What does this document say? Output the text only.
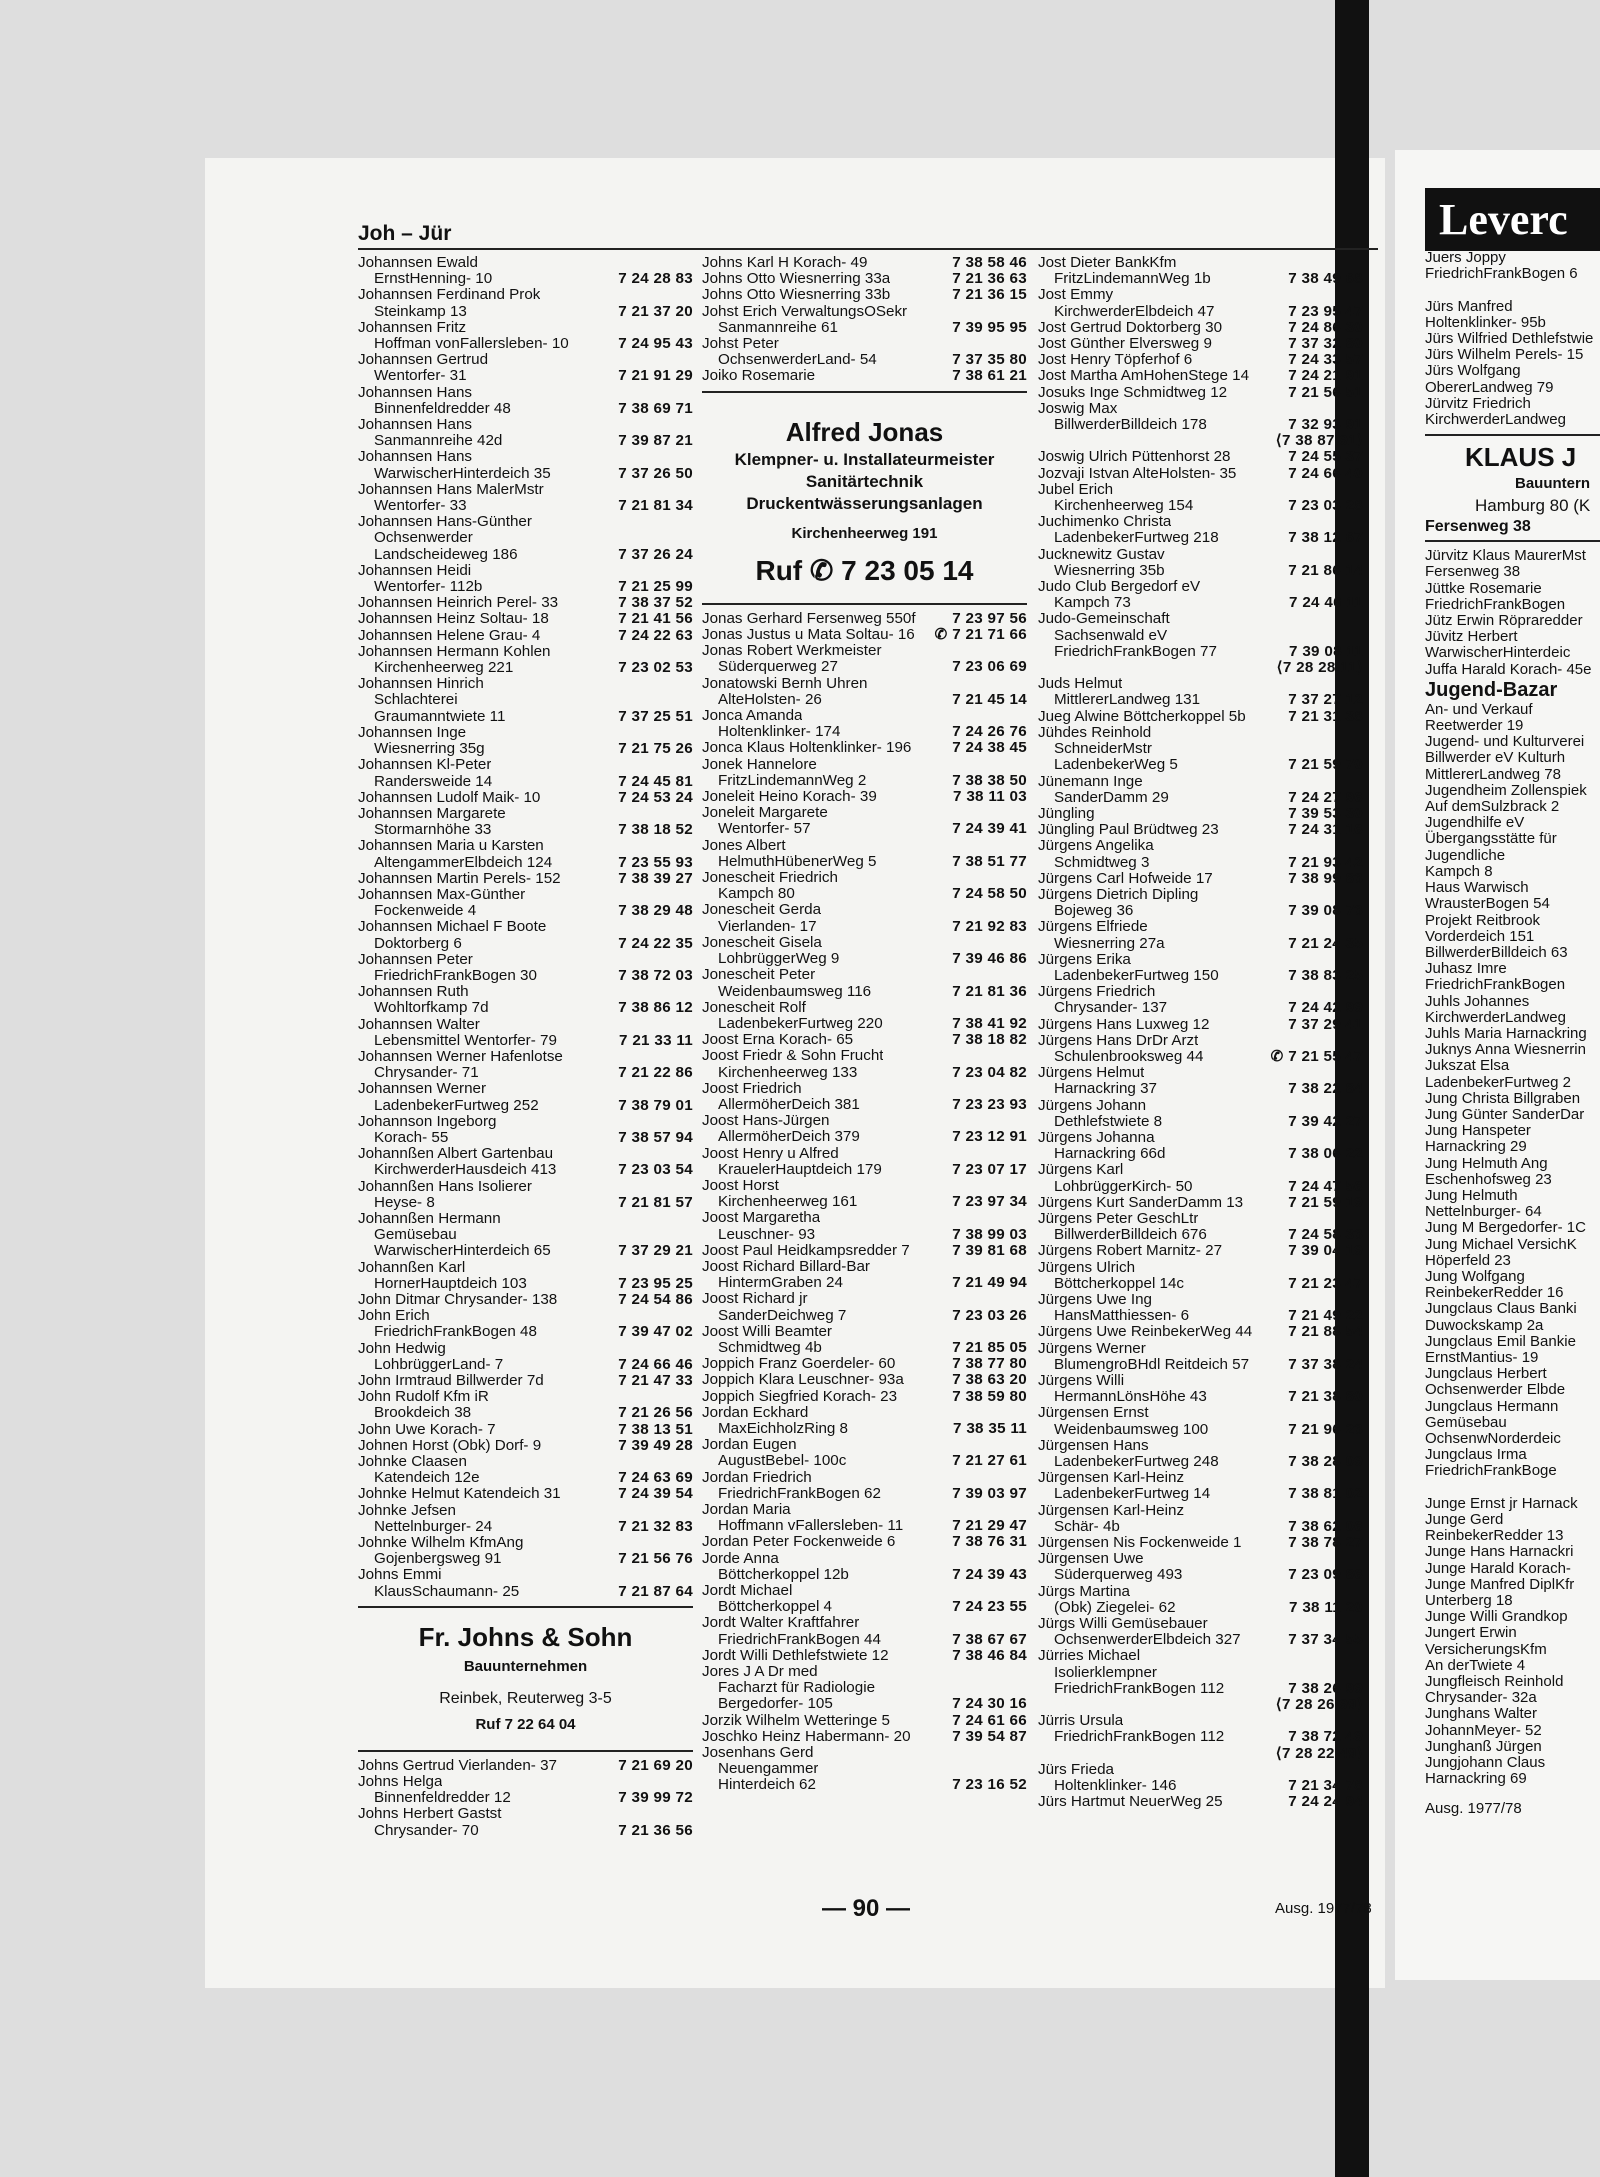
Joh – Jür
Johannsen Ewald
ErnstHenning- 10	7 24 28 83
Johannsen Ferdinand Prok
Steinkamp 13	7 21 37 20
Johannsen Fritz
Hoffman vonFallersleben- 10	7 24 95 43
Johannsen Gertrud
Wentorfer- 31	7 21 91 29
Johannsen Hans
Binnenfeldredder 48	7 38 69 71
Johannsen Hans
Sanmannreihe 42d	7 39 87 21
Johannsen Hans
WarwischerHinterdeich 35	7 37 26 50
Johannsen Hans MalerMstr
Wentorfer- 33	7 21 81 34
Johannsen Hans-Günther
Ochsenwerder
Landscheideweg 186	7 37 26 24
Johannsen Heidi
Wentorfer- 112b	7 21 25 99
Johannsen Heinrich Perel- 33	7 38 37 52
Johannsen Heinz Soltau- 18	7 21 41 56
Johannsen Helene Grau- 4	7 24 22 63
Johannsen Hermann Kohlen
Kirchenheerweg 221	7 23 02 53
Johannsen Hinrich
Schlachterei
Graumanntwiete 11	7 37 25 51
Johannsen Inge
Wiesnerring 35g	7 21 75 26
Johannsen Kl-Peter
Randersweide 14	7 24 45 81
Johannsen Ludolf Maik- 10	7 24 53 24
Johannsen Margarete
Stormarnhöhe 33	7 38 18 52
Johannsen Maria u Karsten
AltengammerElbdeich 124	7 23 55 93
Johannsen Martin Perels- 152	7 38 39 27
Johannsen Max-Günther
Fockenweide 4	7 38 29 48
Johannsen Michael F Boote
Doktorberg 6	7 24 22 35
Johannsen Peter
FriedrichFrankBogen 30	7 38 72 03
Johannsen Ruth
Wohltorfkamp 7d	7 38 86 12
Johannsen Walter
Lebensmittel Wentorfer- 79	7 21 33 11
Johannsen Werner Hafenlotse
Chrysander- 71	7 21 22 86
Johannsen Werner
LadenbekerFurtweg 252	7 38 79 01
Johannson Ingeborg
Korach- 55	7 38 57 94
Johannßen Albert Gartenbau
KirchwerderHausdeich 413	7 23 03 54
Johannßen Hans Isolierer
Heyse- 8	7 21 81 57
Johannßen Hermann
Gemüsebau
WarwischerHinterdeich 65	7 37 29 21
Johannßen Karl
HornerHauptdeich 103	7 23 95 25
John Ditmar Chrysander- 138	7 24 54 86
John Erich
FriedrichFrankBogen 48	7 39 47 02
John Hedwig
LohbrüggerLand- 7	7 24 66 46
John Irmtraud Billwerder 7d	7 21 47 33
John Rudolf Kfm iR
Brookdeich 38	7 21 26 56
John Uwe Korach- 7	7 38 13 51
Johnen Horst (Obk) Dorf- 9	7 39 49 28
Johnke Claasen
Katendeich 12e	7 24 63 69
Johnke Helmut Katendeich 31	7 24 39 54
Johnke Jefsen
Nettelnburger- 24	7 21 32 83
Johnke Wilhelm KfmAng
Gojenbergsweg 91	7 21 56 76
Johns Emmi
KlausSchaumann- 25	7 21 87 64
Fr. Johns & Sohn
Bauunternehmen
Reinbek, Reuterweg 3-5
Ruf 7 22 64 04
Johns Gertrud Vierlanden- 37	7 21 69 20
Johns Helga
Binnenfeldredder 12	7 39 99 72
Johns Herbert Gastst
Chrysander- 70	7 21 36 56
Johns Karl H Korach- 49	7 38 58 46
Johns Otto Wiesnerring 33a	7 21 36 63
Johns Otto Wiesnerring 33b	7 21 36 15
Johst Erich VerwaltungsOSekr
Sanmannreihe 61	7 39 95 95
Johst Peter
OchsenwerderLand- 54	7 37 35 80
Joiko Rosemarie	7 38 61 21
Alfred Jonas
Klempner- u. Installateurmeister
Sanitärtechnik
Druckentwässerungsanlagen
Kirchenheerweg 191
Ruf ✆ 7 23 05 14
Jonas Gerhard Fersenweg 550f 7 23 97 56
Jonas Justus u Mata Soltau- 16 ✆ 7 21 71 66
Jonas Robert Werkmeister
Süderquerweg 27	7 23 06 69
Jonatowski Bernh Uhren
AlteHolsten- 26	7 21 45 14
Jonca Amanda
Holtenklinker- 174	7 24 26 76
Jonca Klaus Holtenklinker- 196	7 24 38 45
Jonek Hannelore
FritzLindemannWeg 2	7 38 38 50
Joneleit Heino Korach- 39	7 38 11 03
Joneleit Margarete
Wentorfer- 57	7 24 39 41
Jones Albert
HelmuthHübenerWeg 5	7 38 51 77
Jonescheit Friedrich
Kampch 80	7 24 58 50
Jonescheit Gerda
Vierlanden- 17	7 21 92 83
Jonescheit Gisela
LohbrüggerWeg 9	7 39 46 86
Jonescheit Peter
Weidenbaumsweg 116	7 21 81 36
Jonescheit Rolf
LadenbekerFurtweg 220	7 38 41 92
Joost Erna Korach- 65	7 38 18 82
Joost Friedr & Sohn Frucht
Kirchenheerweg 133	7 23 04 82
Joost Friedrich
AllermöherDeich 381	7 23 23 93
Joost Hans-Jürgen
AllermöherDeich 379	7 23 12 91
Joost Henry u Alfred
KrauelerHauptdeich 179	7 23 07 17
Joost Horst
Kirchenheerweg 161	7 23 97 34
Joost Margaretha
Leuschner- 93	7 38 99 03
Joost Paul Heidkampsredder 7	7 39 81 68
Joost Richard Billard-Bar
HintermGraben 24	7 21 49 94
Joost Richard jr
SanderDeichweg 7	7 23 03 26
Joost Willi Beamter
Schmidtweg 4b	7 21 85 05
Joppich Franz Goerdeler- 60	7 38 77 80
Joppich Klara Leuschner- 93a	7 38 63 20
Joppich Siegfried Korach- 23	7 38 59 80
Jordan Eckhard
MaxEichholzRing 8	7 38 35 11
Jordan Eugen
AugustBebel- 100c	7 21 27 61
Jordan Friedrich
FriedrichFrankBogen 62	7 39 03 97
Jordan Maria
Hoffmann vFallersleben- 11	7 21 29 47
Jordan Peter Fockenweide 6	7 38 76 31
Jorde Anna
Böttcherkoppel 12b	7 24 39 43
Jordt Michael
Böttcherkoppel 4	7 24 23 55
Jordt Walter Kraftfahrer
FriedrichFrankBogen 44	7 38 67 67
Jordt Willi Dethlefstwiete 12	7 38 46 84
Jores J A Dr med
Facharzt für Radiologie
Bergedorfer- 105	7 24 30 16
Jorzik Wilhelm Wetteringe 5	7 24 61 66
Joschko Heinz Habermann- 20	7 39 54 87
Josenhans Gerd
Neuengammer
Hinterdeich 62	7 23 16 52
Jost Dieter BankKfm
FritzLindemannWeg 1b	7 38 49 68
Jost Emmy
KirchwerderElbdeich 47	7 23 95 47
Jost Gertrud Doktorberg 30	7 24 86 30
Jost Günther Elversweg 9	7 37 32 80
Jost Henry Töpferhof 6	7 24 33 57
Jost Martha AmHohenStege 14	7 24 21 91
Josuks Inge Schmidtweg 12	7 21 56 51
Joswig Max
BillwerderBilldeich 178	7 32 93 91
⟨7 38 87 91⟩
Joswig Ulrich Püttenhorst 28	7 24 55 37
Jozvaji Istvan AlteHolsten- 35	7 24 66 40
Jubel Erich
Kirchenheerweg 154	7 23 03 28
Juchimenko Christa
LadenbekerFurtweg 218	7 38 12 67
Jucknewitz Gustav
Wiesnerring 35b	7 21 86 14
Judo Club Bergedorf eV
Kampch 73	7 24 46 11
Judo-Gemeinschaft
Sachsenwald eV
FriedrichFrankBogen 77	7 39 08 11
⟨7 28 28 11⟩
Juds Helmut
MittlererLandweg 131	7 37 27 12
Jueg Alwine Böttcherkoppel 5b	7 21 31 38
Jühdes Reinhold
SchneiderMstr
LadenbekerWeg 5	7 21 59 70
Jünemann Inge
SanderDamm 29	7 24 27 96
Jüngling	7 39 53 30
Jüngling Paul Brüdtweg 23	7 24 31 16
Jürgens Angelika
Schmidtweg 3	7 21 93 42
Jürgens Carl Hofweide 17	7 38 99 83
Jürgens Dietrich Dipling
Bojeweg 36	7 39 08 73
Jürgens Elfriede
Wiesnerring 27a	7 21 24 35
Jürgens Erika
LadenbekerFurtweg 150	7 38 83 25
Jürgens Friedrich
Chrysander- 137	7 24 42 99
Jürgens Hans Luxweg 12	7 37 29 41
Jürgens Hans DrDr Arzt
Schulenbrooksweg 44	✆ 7 21 55 47
Jürgens Helmut
Harnackring 37	7 38 22 84
Jürgens Johann
Dethlefstwiete 8	7 39 42 27
Jürgens Johanna
Harnackring 66d	7 38 06 22
Jürgens Karl
LohbrüggerKirch- 50	7 24 47 56
Jürgens Kurt SanderDamm 13	7 21 59 19
Jürgens Peter GeschLtr
BillwerderBilldeich 676	7 24 58 33
Jürgens Robert Marnitz- 27	7 39 04 19
Jürgens Ulrich
Böttcherkoppel 14c	7 21 23 47
Jürgens Uwe Ing
HansMatthiessen- 6	7 21 49 22
Jürgens Uwe ReinbekerWeg 44 7 21 88 54
Jürgens Werner
BlumengroBHdl Reitdeich 57	7 37 38 24
Jürgens Willi
HermannLönsHöhe 43	7 21 38 80
Jürgensen Ernst
Weidenbaumsweg 100	7 21 96 23
Jürgensen Hans
LadenbekerFurtweg 248	7 38 28 09
Jürgensen Karl-Heinz
LadenbekerFurtweg 14	7 38 81 02
Jürgensen Karl-Heinz
Schär- 4b	7 38 62 06
Jürgensen Nis Fockenweide 1	7 38 78 27
Jürgensen Uwe
Süderquerweg 493	7 23 09 86
Jürgs Martina
(Obk) Ziegelei- 62	7 38 11 20
Jürgs Willi Gemüsebauer
OchsenwerderElbdeich 327	7 37 34 55
Jürries Michael
Isolierklempner
FriedrichFrankBogen 112	7 38 26 99
⟨7 28 26 99⟩
Jürris Ursula
FriedrichFrankBogen 112	7 38 72 49
⟨7 28 22 49⟩
Jürs Frieda
Holtenklinker- 146	7 21 34 78
Jürs Hartmut NeuerWeg 25	7 24 24 94
— 90 —	Ausg. 1977/78
Leverc
Juers Joppy
FriedrichFrankBogen 6

Jürs Manfred
Holtenklinker- 95b
Jürs Wilfried Dethlefstwie
Jürs Wilhelm Perels- 15
Jürs Wolfgang
ObererLandweg 79
Jürvitz Friedrich
KirchwerderLandweg
KLAUS J
Bauuntern
Hamburg 80 (K
Fersenweg 38
Jürvitz Klaus MaurerMst
Fersenweg 38
Jüttke Rosemarie
FriedrichFrankBogen
Jütz Erwin Röpraredder
Jüvitz Herbert
WarwischerHinterdeic
Juffa Harald Korach- 45e
Jugend-Bazar
An- und Verkauf
Reetwerder 19
Jugend- und Kulturverei
Billwerder eV Kulturh
MittlererLandweg 78
Jugendheim Zollenspiek
Auf demSulzbrack 2
Jugendhilfe eV
Übergangsstätte für
Jugendliche
Kampch 8
Haus Warwisch
WrausterBogen 54
Projekt Reitbrook
Vorderdeich 151
BillwerderBilldeich 63
Juhasz Imre
FriedrichFrankBogen
Juhls Johannes
KirchwerderLandweg
Juhls Maria Harnackring
Juknys Anna Wiesnerrin
Jukszat Elsa
LadenbekerFurtweg 2
Jung Christa Billgraben
Jung Günter SanderDar
Jung Hanspeter
Harnackring 29
Jung Helmuth Ang
Eschenhofsweg 23
Jung Helmuth
Nettelnburger- 64
Jung M Bergedorfer- 1C
Jung Michael VersichK
Höperfeld 23
Jung Wolfgang
ReinbekerRedder 16
Jungclaus Claus Banki
Duwockskamp 2a
Jungclaus Emil Bankie
ErnstMantius- 19
Jungclaus Herbert
Ochsenwerder Elbde
Jungclaus Hermann
Gemüsebau
OchsenwNorderdeic
Jungclaus Irma
FriedrichFrankBoge

Junge Ernst jr Harnack
Junge Gerd
ReinbekerRedder 13
Junge Hans Harnackri
Junge Harald Korach-
Junge Manfred DiplKfr
Unterberg 18
Junge Willi Grandkop
Jungert Erwin
VersicherungsKfm
An derTwiete 4
Jungfleisch Reinhold
Chrysander- 32a
Junghans Walter
JohannMeyer- 52
Junghanß Jürgen
Jungjohann Claus
Harnackring 69
Ausg. 1977/78
